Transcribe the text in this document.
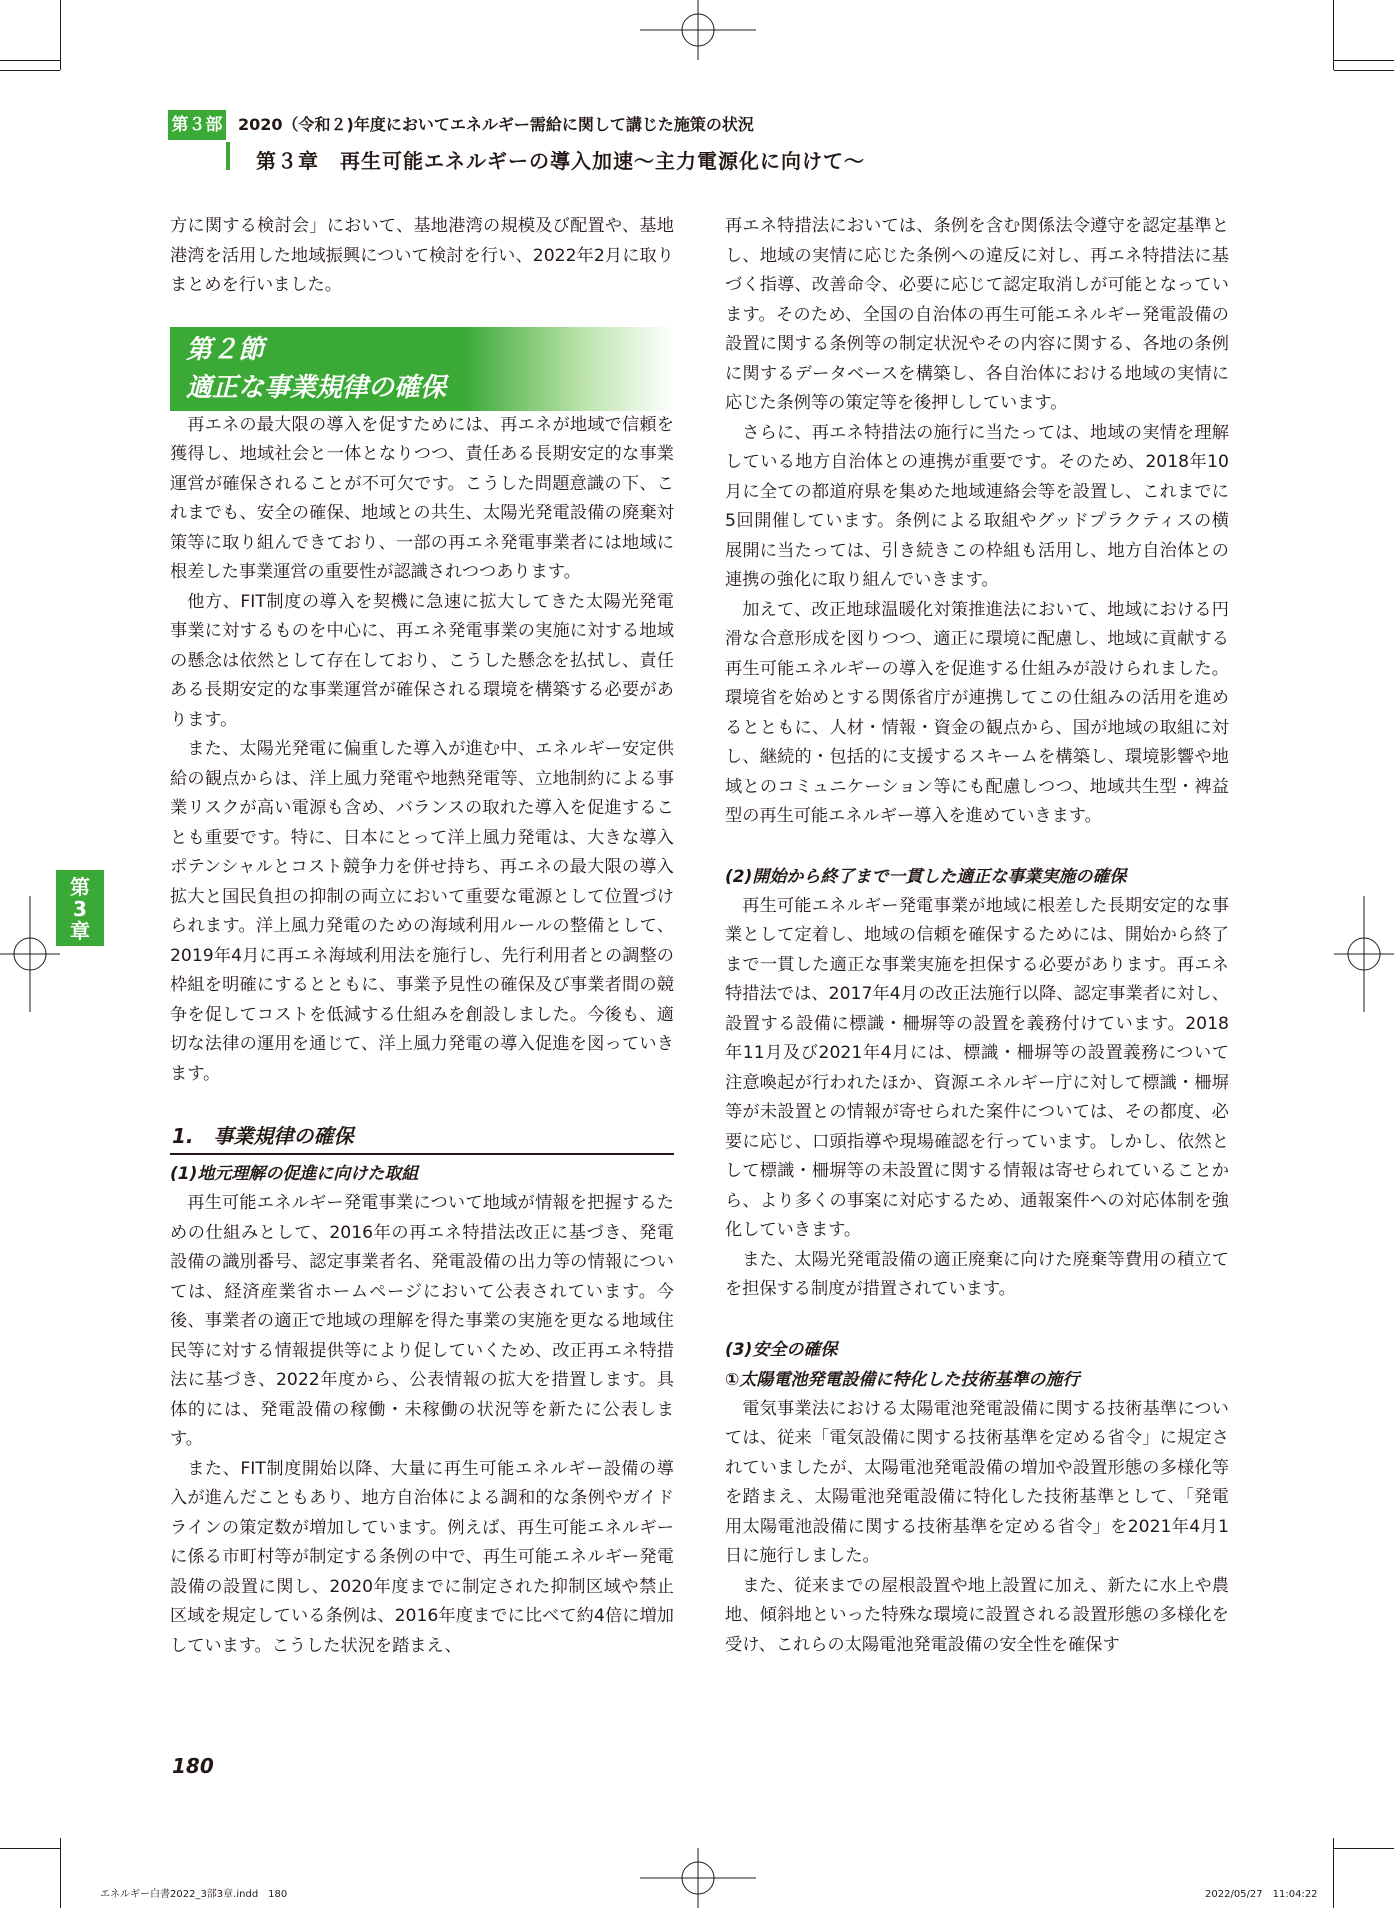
第３部 2020（令和２)年度においてエネルギー需給に関して講じた施策の状況
第３章　再生可能エネルギーの導入加速～主力電源化に向けて～
第
3
章

方に関する検討会」において、基地港湾の規模及び配置や、基地港湾を活用した地域振興について検討を行い、2022年2月に取りまとめを行いました。

第２節
適正な事業規律の確保

再エネの最大限の導入を促すためには、再エネが地域で信頼を獲得し、地域社会と一体となりつつ、責任ある長期安定的な事業運営が確保されることが不可欠です。こうした問題意識の下、これまでも、安全の確保、地域との共生、太陽光発電設備の廃棄対策等に取り組んできており、一部の再エネ発電事業者には地域に根差した事業運営の重要性が認識されつつあります。

他方、FIT制度の導入を契機に急速に拡大してきた太陽光発電事業に対するものを中心に、再エネ発電事業の実施に対する地域の懸念は依然として存在しており、こうした懸念を払拭し、責任ある長期安定的な事業運営が確保される環境を構築する必要があります。

また、太陽光発電に偏重した導入が進む中、エネルギー安定供給の観点からは、洋上風力発電や地熱発電等、立地制約による事業リスクが高い電源も含め、バランスの取れた導入を促進することも重要です。特に、日本にとって洋上風力発電は、大きな導入ポテンシャルとコスト競争力を併せ持ち、再エネの最大限の導入拡大と国民負担の抑制の両立において重要な電源として位置づけられます。洋上風力発電のための海域利用ルールの整備として、2019年4月に再エネ海域利用法を施行し、先行利用者との調整の枠組を明確にするとともに、事業予見性の確保及び事業者間の競争を促してコストを低減する仕組みを創設しました。今後も、適切な法律の運用を通じて、洋上風力発電の導入促進を図っていきます。

1.　事業規律の確保
(1)地元理解の促進に向けた取組

再生可能エネルギー発電事業について地域が情報を把握するための仕組みとして、2016年の再エネ特措法改正に基づき、発電設備の識別番号、認定事業者名、発電設備の出力等の情報については、経済産業省ホームページにおいて公表されています。今後、事業者の適正で地域の理解を得た事業の実施を更なる地域住民等に対する情報提供等により促していくため、改正再エネ特措法に基づき、2022年度から、公表情報の拡大を措置します。具体的には、発電設備の稼働・未稼働の状況等を新たに公表します。

また、FIT制度開始以降、大量に再生可能エネルギー設備の導入が進んだこともあり、地方自治体による調和的な条例やガイドラインの策定数が増加しています。例えば、再生可能エネルギーに係る市町村等が制定する条例の中で、再生可能エネルギー発電設備の設置に関し、2020年度までに制定された抑制区域や禁止区域を規定している条例は、2016年度までに比べて約4倍に増加しています。こうした状況を踏まえ、

再エネ特措法においては、条例を含む関係法令遵守を認定基準とし、地域の実情に応じた条例への違反に対し、再エネ特措法に基づく指導、改善命令、必要に応じて認定取消しが可能となっています。そのため、全国の自治体の再生可能エネルギー発電設備の設置に関する条例等の制定状況やその内容に関する、各地の条例に関するデータベースを構築し、各自治体における地域の実情に応じた条例等の策定等を後押ししています。

さらに、再エネ特措法の施行に当たっては、地域の実情を理解している地方自治体との連携が重要です。そのため、2018年10月に全ての都道府県を集めた地域連絡会等を設置し、これまでに5回開催しています。条例による取組やグッドプラクティスの横展開に当たっては、引き続きこの枠組も活用し、地方自治体との連携の強化に取り組んでいきます。

加えて、改正地球温暖化対策推進法において、地域における円滑な合意形成を図りつつ、適正に環境に配慮し、地域に貢献する再生可能エネルギーの導入を促進する仕組みが設けられました。環境省を始めとする関係省庁が連携してこの仕組みの活用を進めるとともに、人材・情報・資金の観点から、国が地域の取組に対し、継続的・包括的に支援するスキームを構築し、環境影響や地域とのコミュニケーション等にも配慮しつつ、地域共生型・裨益型の再生可能エネルギー導入を進めていきます。

(2)開始から終了まで一貫した適正な事業実施の確保

再生可能エネルギー発電事業が地域に根差した長期安定的な事業として定着し、地域の信頼を確保するためには、開始から終了まで一貫した適正な事業実施を担保する必要があります。再エネ特措法では、2017年4月の改正法施行以降、認定事業者に対し、設置する設備に標識・柵塀等の設置を義務付けています。2018年11月及び2021年4月には、標識・柵塀等の設置義務について注意喚起が行われたほか、資源エネルギー庁に対して標識・柵塀等が未設置との情報が寄せられた案件については、その都度、必要に応じ、口頭指導や現場確認を行っています。しかし、依然として標識・柵塀等の未設置に関する情報は寄せられていることから、より多くの事案に対応するため、通報案件への対応体制を強化していきます。

また、太陽光発電設備の適正廃棄に向けた廃棄等費用の積立てを担保する制度が措置されています。

(3)安全の確保
①太陽電池発電設備に特化した技術基準の施行

電気事業法における太陽電池発電設備に関する技術基準については、従来「電気設備に関する技術基準を定める省令」に規定されていましたが、太陽電池発電設備の増加や設置形態の多様化等を踏まえ、太陽電池発電設備に特化した技術基準として、「発電用太陽電池設備に関する技術基準を定める省令」を2021年4月1日に施行しました。

また、従来までの屋根設置や地上設置に加え、新たに水上や農地、傾斜地といった特殊な環境に設置される設置形態の多様化を受け、これらの太陽電池発電設備の安全性を確保す

180
エネルギー白書2022_3部3章.indd　180	2022/05/27　11:04:22
